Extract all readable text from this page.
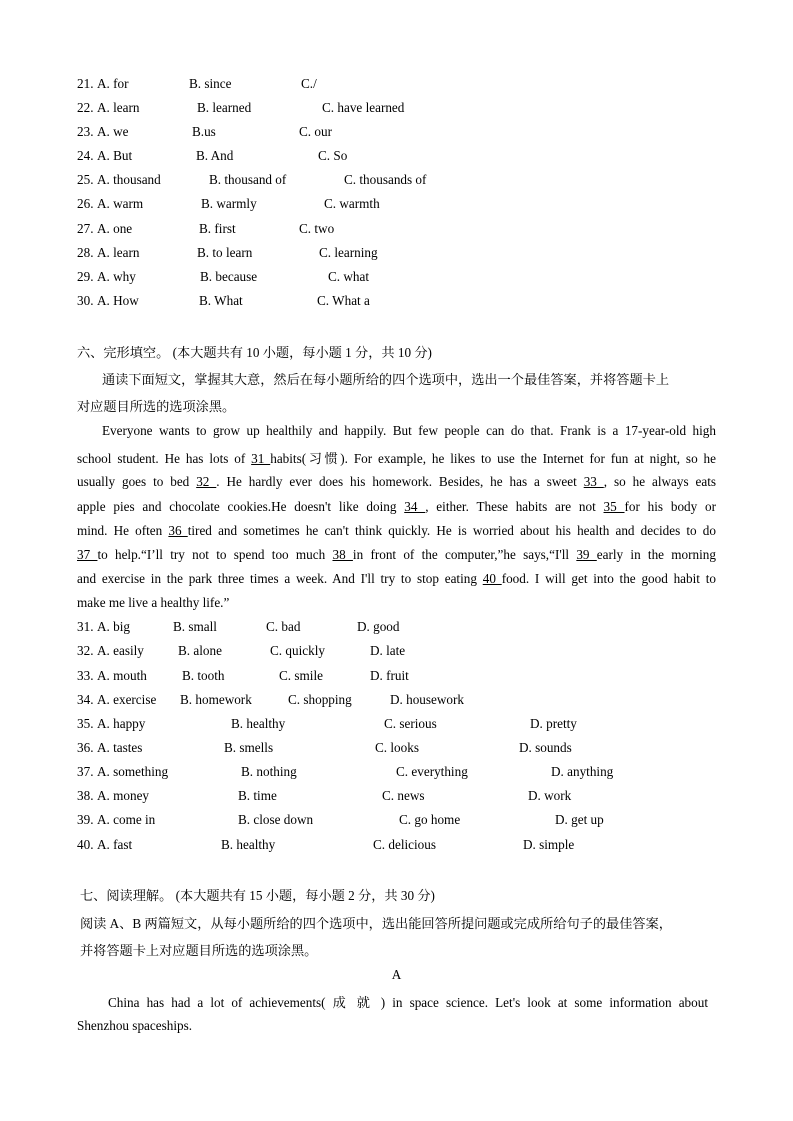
21. A. for	B. since	C./
22. A. learn	B. learned	C. have learned
23. A. we	B.us	C. our
24. A. But	B. And	C. So
25. A. thousand	B. thousand of	C. thousands of
26. A. warm	B. warmly	C. warmth
27. A. one	B. first	C. two
28. A. learn	B. to learn	C. learning
29. A. why	B. because	C. what
30. A. How	B. What	C. What a
六、完形填空。 (本大题共有 10 小题，每小题 1 分，共 10 分)
通读下面短文，掌握其大意，然后在每小题所给的四个选项中，选出一个最佳答案，并将答题卡上
对应题目所选的选项涂黑。
Everyone wants to grow up healthily and happily. But few people can do that. Frank is a 17-year-old high
school student. He has lots of 31 habits(习惯). For example, he likes to use the Internet for fun at night, so he
usually goes to bed 32 . He hardly ever does his homework. Besides, he has a sweet 33 , so he always eats
apple pies and chocolate cookies.He doesn't like doing 34 , either. These habits are not 35 for his body or
mind. He often 36 tired and sometimes he can't think quickly. He is worried about his health and decides to do
37 to help.“I’ll try not to spend too much 38 in front of the computer,”he says,“I'll 39 early in the morning
and exercise in the park three times a week. And I'll try to stop eating 40 food. I will get into the good habit to
make me live a healthy life.”
31. A. big	B. small	C. bad	D. good
32. A. easily	B. alone	C. quickly	D. late
33. A. mouth	B. tooth	C. smile	D. fruit
34. A. exercise B. homework	C. shopping	D. housework
35. A. happy	B. healthy	C. serious	D. pretty
36. A. tastes	B. smells	C. looks	D. sounds
37. A. something	B. nothing	C. everything	D. anything
38. A. money	B. time	C. news	D. work
39. A. come in	B. close down	C. go home	D. get up
40. A. fast	B. healthy	C. delicious	D. simple
七、阅读理解。 (本大题共有 15 小题，每小题 2 分，共 30 分)
阅读 A、B 两篇短文，从每小题所给的四个选项中，选出能回答所提问题或完成所给句子的最佳答案，
并将答题卡上对应题目所选的选项涂黑。
A
China has had a lot of achievements( 成 就 ) in space science. Let's look at some information about
Shenzhou spaceships.
